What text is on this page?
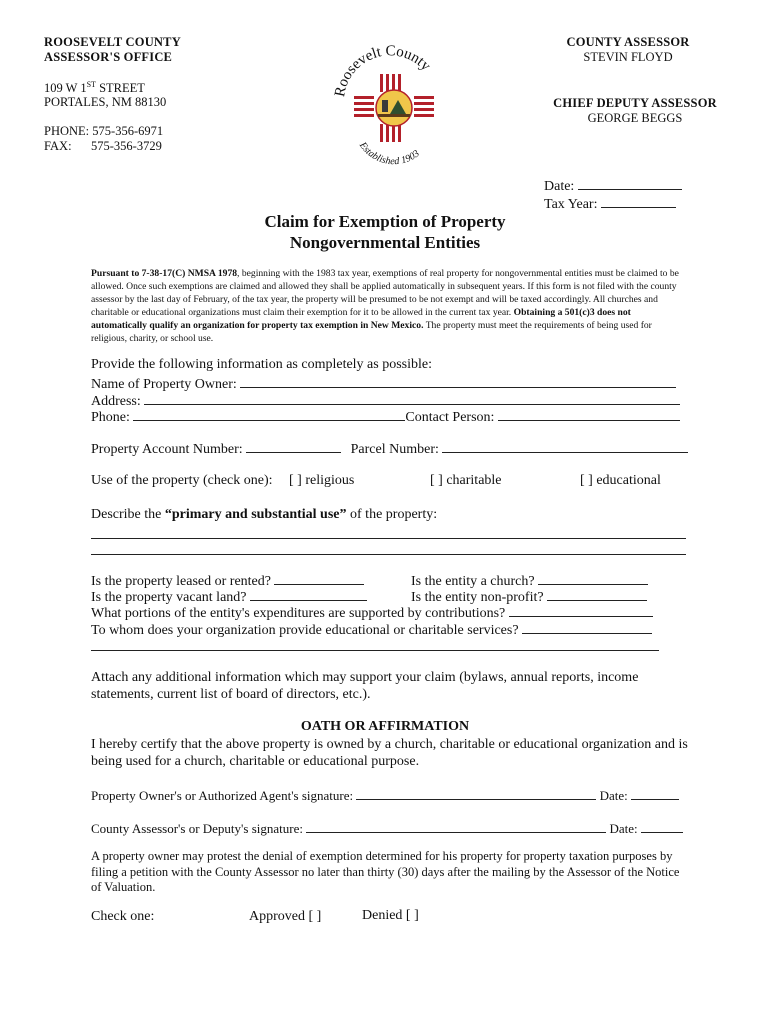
ROOSEVELT COUNTY
ASSESSOR'S OFFICE
109 W 1ST STREET
PORTALES, NM 88130
PHONE: 575-356-6971
FAX: 575-356-3729
COUNTY ASSESSOR
STEVIN FLOYD
CHIEF DEPUTY ASSESSOR
GEORGE BEGGS
Roosevelt County
Established 1903
Date:
Tax Year:
Claim for Exemption of Property
Nongovernmental Entities
Pursuant to 7-38-17(C) NMSA 1978, beginning with the 1983 tax year, exemptions of real property for nongovernmental entities must be claimed to be allowed. Once such exemptions are claimed and allowed they shall be applied automatically in subsequent years. If this form is not filed with the county assessor by the last day of February, of the tax year, the property will be presumed to be not exempt and will be taxed accordingly. All churches and charitable or educational organizations must claim their exemption for it to be allowed in the current tax year. Obtaining a 501(c)3 does not automatically qualify an organization for property tax exemption in New Mexico. The property must meet the requirements of being used for religious, charity, or school use.
Provide the following information as completely as possible:
Name of Property Owner:
Address:
Phone:	Contact Person:
Property Account Number:	Parcel Number:
Use of the property (check one): [ ] religious	[ ] charitable	[ ] educational
Describe the “primary and substantial use” of the property:
Is the property leased or rented?	Is the entity a church?
Is the property vacant land?	Is the entity non-profit?
What portions of the entity's expenditures are supported by contributions?
To whom does your organization provide educational or charitable services?
Attach any additional information which may support your claim (bylaws, annual reports, income statements, current list of board of directors, etc.).
OATH OR AFFIRMATION
I hereby certify that the above property is owned by a church, charitable or educational organization and is being used for a church, charitable or educational purpose.
Property Owner's or Authorized Agent's signature:	Date:
County Assessor's or Deputy's signature:	Date:
A property owner may protest the denial of exemption determined for his property for property taxation purposes by filing a petition with the County Assessor no later than thirty (30) days after the mailing by the Assessor of the Notice of Valuation.
Check one:	Approved [ ]	Denied [ ]
